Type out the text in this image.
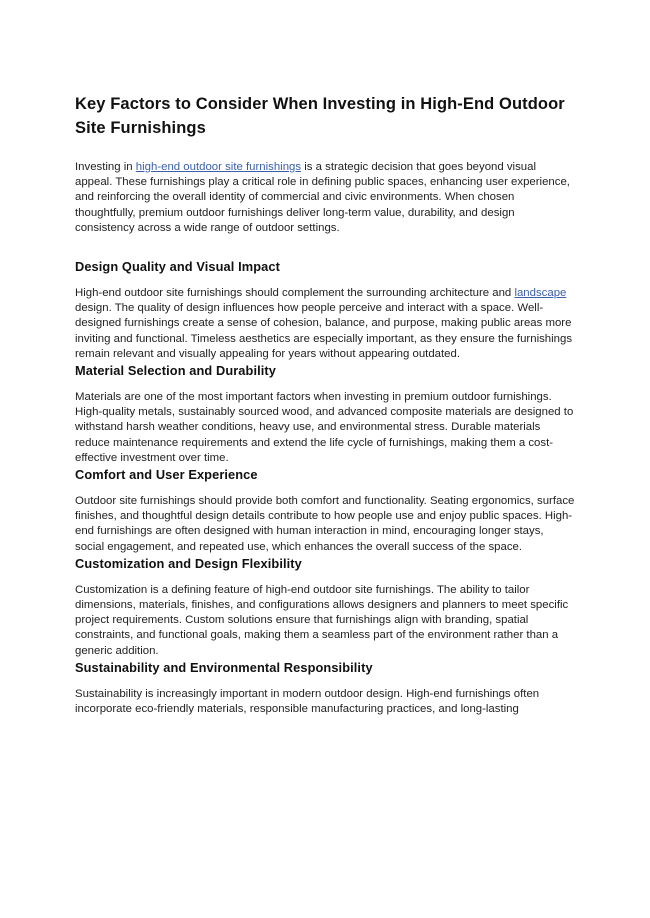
Key Factors to Consider When Investing in High-End Outdoor Site Furnishings

Investing in high-end outdoor site furnishings is a strategic decision that goes beyond visual appeal. These furnishings play a critical role in defining public spaces, enhancing user experience, and reinforcing the overall identity of commercial and civic environments. When chosen thoughtfully, premium outdoor furnishings deliver long-term value, durability, and design consistency across a wide range of outdoor settings.

Design Quality and Visual Impact

High-end outdoor site furnishings should complement the surrounding architecture and landscape design. The quality of design influences how people perceive and interact with a space. Well-designed furnishings create a sense of cohesion, balance, and purpose, making public areas more inviting and functional. Timeless aesthetics are especially important, as they ensure the furnishings remain relevant and visually appealing for years without appearing outdated.

Material Selection and Durability

Materials are one of the most important factors when investing in premium outdoor furnishings. High-quality metals, sustainably sourced wood, and advanced composite materials are designed to withstand harsh weather conditions, heavy use, and environmental stress. Durable materials reduce maintenance requirements and extend the life cycle of furnishings, making them a cost-effective investment over time.

Comfort and User Experience

Outdoor site furnishings should provide both comfort and functionality. Seating ergonomics, surface finishes, and thoughtful design details contribute to how people use and enjoy public spaces. High-end furnishings are often designed with human interaction in mind, encouraging longer stays, social engagement, and repeated use, which enhances the overall success of the space.

Customization and Design Flexibility

Customization is a defining feature of high-end outdoor site furnishings. The ability to tailor dimensions, materials, finishes, and configurations allows designers and planners to meet specific project requirements. Custom solutions ensure that furnishings align with branding, spatial constraints, and functional goals, making them a seamless part of the environment rather than a generic addition.

Sustainability and Environmental Responsibility

Sustainability is increasingly important in modern outdoor design. High-end furnishings often incorporate eco-friendly materials, responsible manufacturing practices, and long-lasting
